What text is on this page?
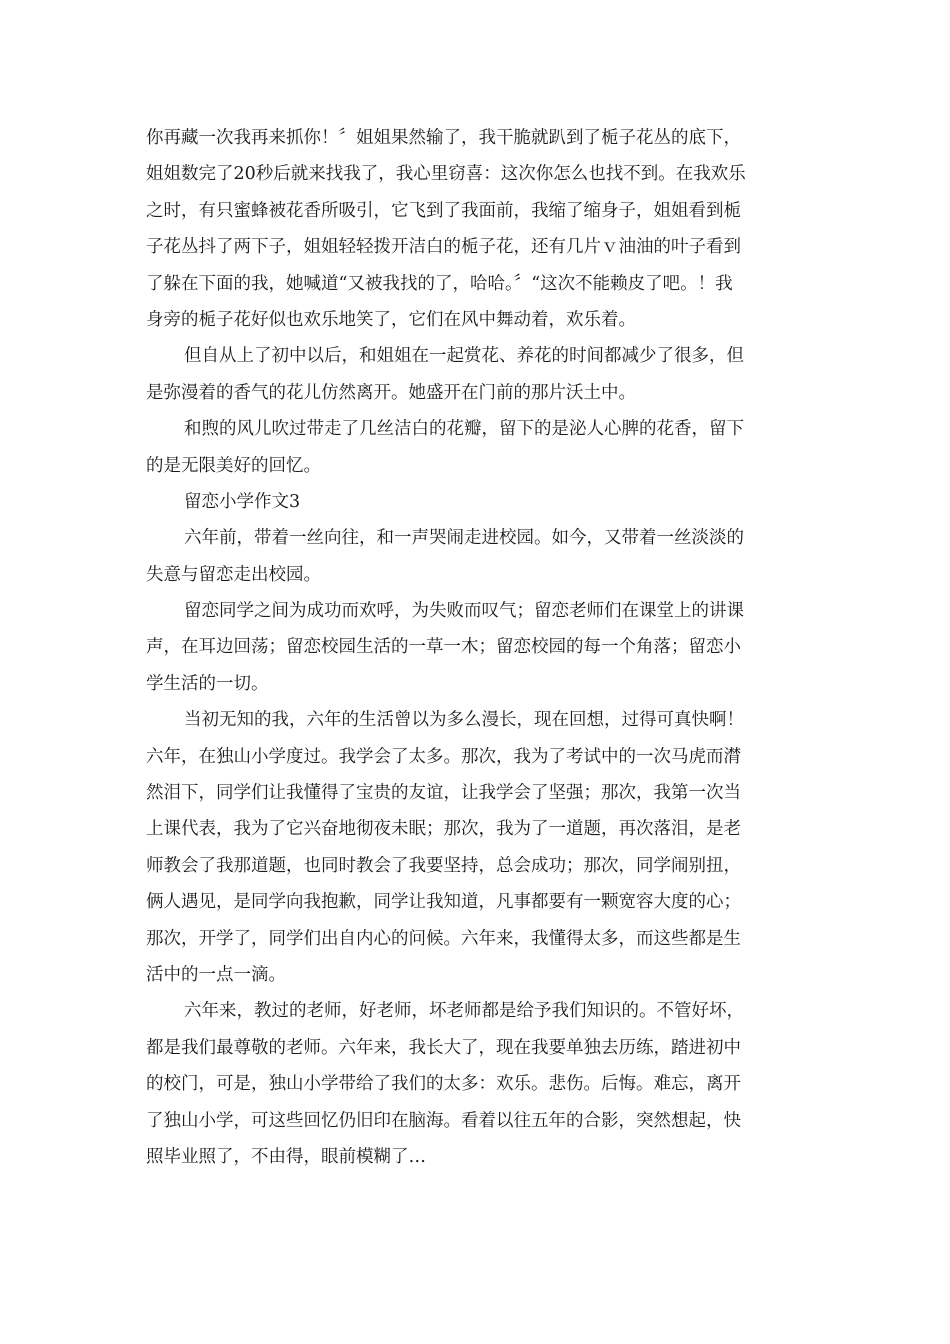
你再藏一次我再来抓你！〞姐姐果然输了，我干脆就趴到了栀子花丛的底下，
姐姐数完了20秒后就来找我了，我心里窃喜：这次你怎么也找不到。在我欢乐
之时，有只蜜蜂被花香所吸引，它飞到了我面前，我缩了缩身子，姐姐看到栀
子花丛抖了两下子，姐姐轻轻拨开洁白的栀子花，还有几片ｖ油油的叶子看到
了躲在下面的我，她喊道“又被我找的了，哈哈。〞“这次不能赖皮了吧。！我
身旁的栀子花好似也欢乐地笑了，它们在风中舞动着，欢乐着。
但自从上了初中以后，和姐姐在一起赏花、养花的时间都减少了很多，但
是弥漫着的香气的花儿仿然离开。她盛开在门前的那片沃土中。
和煦的风儿吹过带走了几丝洁白的花瓣，留下的是泌人心脾的花香，留下
的是无限美好的回忆。
留恋小学作文3
六年前，带着一丝向往，和一声哭闹走进校园。如今，又带着一丝淡淡的
失意与留恋走出校园。
留恋同学之间为成功而欢呼，为失败而叹气；留恋老师们在课堂上的讲课
声，在耳边回荡；留恋校园生活的一草一木；留恋校园的每一个角落；留恋小
学生活的一切。
当初无知的我，六年的生活曾以为多么漫长，现在回想，过得可真快啊！
六年，在独山小学度过。我学会了太多。那次，我为了考试中的一次马虎而潸
然泪下，同学们让我懂得了宝贵的友谊，让我学会了坚强；那次，我第一次当
上课代表，我为了它兴奋地彻夜未眠；那次，我为了一道题，再次落泪，是老
师教会了我那道题，也同时教会了我要坚持，总会成功；那次，同学闹别扭，
俩人遇见，是同学向我抱歉，同学让我知道，凡事都要有一颗宽容大度的心；
那次，开学了，同学们出自内心的问候。六年来，我懂得太多，而这些都是生
活中的一点一滴。
六年来，教过的老师，好老师，坏老师都是给予我们知识的。不管好坏，
都是我们最尊敬的老师。六年来，我长大了，现在我要单独去历练，踏进初中
的校门，可是，独山小学带给了我们的太多：欢乐。悲伤。后悔。难忘，离开
了独山小学，可这些回忆仍旧印在脑海。看着以往五年的合影，突然想起，快
照毕业照了，不由得，眼前模糊了…
